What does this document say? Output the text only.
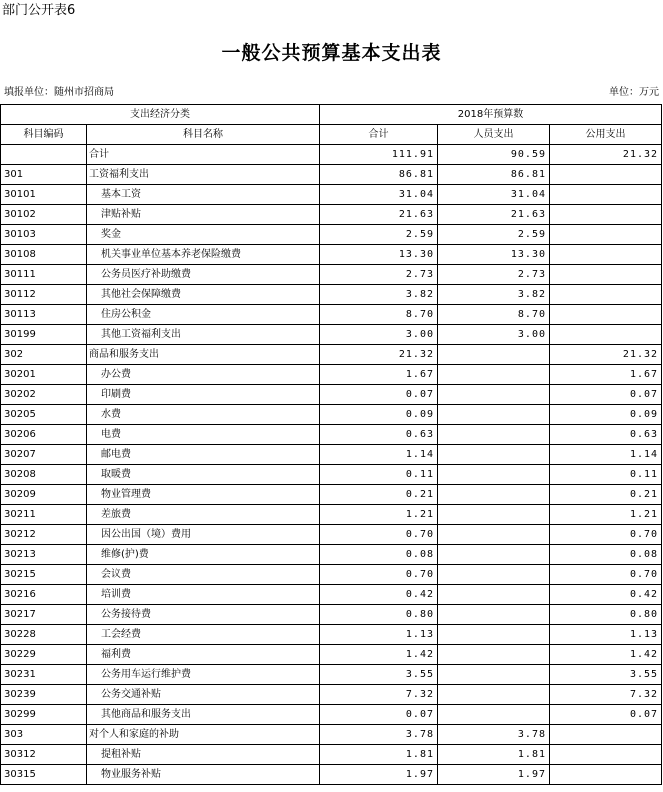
部门公开表6
一般公共预算基本支出表
填报单位：随州市招商局	单位：万元
支出经济分类		2018年预算数		
科目编码	科目名称	合计	人员支出	公用支出
	合计	111.91	90.59	21.32
301	工资福利支出	86.81	86.81	
30101	基本工资	31.04	31.04	
30102	津贴补贴	21.63	21.63	
30103	奖金	2.59	2.59	
30108	机关事业单位基本养老保险缴费	13.30	13.30	
30111	公务员医疗补助缴费	2.73	2.73	
30112	其他社会保障缴费	3.82	3.82	
30113	住房公积金	8.70	8.70	
30199	其他工资福利支出	3.00	3.00	
302	商品和服务支出	21.32		21.32
30201	办公费	1.67		1.67
30202	印刷费	0.07		0.07
30205	水费	0.09		0.09
30206	电费	0.63		0.63
30207	邮电费	1.14		1.14
30208	取暖费	0.11		0.11
30209	物业管理费	0.21		0.21
30211	差旅费	1.21		1.21
30212	因公出国（境）费用	0.70		0.70
30213	维修(护)费	0.08		0.08
30215	会议费	0.70		0.70
30216	培训费	0.42		0.42
30217	公务接待费	0.80		0.80
30228	工会经费	1.13		1.13
30229	福利费	1.42		1.42
30231	公务用车运行维护费	3.55		3.55
30239	公务交通补贴	7.32		7.32
30299	其他商品和服务支出	0.07		0.07
303	对个人和家庭的补助	3.78	3.78	
30312	提租补贴	1.81	1.81	
30315	物业服务补贴	1.97	1.97	
